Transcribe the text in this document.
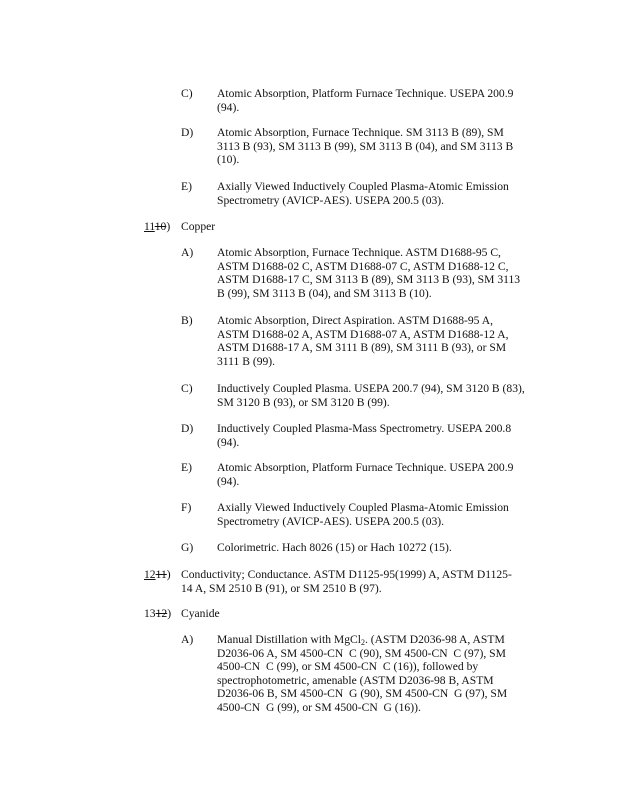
C) Atomic Absorption, Platform Furnace Technique. USEPA 200.9
(94).
D) Atomic Absorption, Furnace Technique. SM 3113 B (89), SM
3113 B (93), SM 3113 B (99), SM 3113 B (04), and SM 3113 B
(10).
E) Axially Viewed Inductively Coupled Plasma-Atomic Emission
Spectrometry (AVICP-AES). USEPA 200.5 (03).
1110) Copper
A) Atomic Absorption, Furnace Technique. ASTM D1688-95 C,
ASTM D1688-02 C, ASTM D1688-07 C, ASTM D1688-12 C,
ASTM D1688-17 C, SM 3113 B (89), SM 3113 B (93), SM 3113
B (99), SM 3113 B (04), and SM 3113 B (10).
B) Atomic Absorption, Direct Aspiration. ASTM D1688-95 A,
ASTM D1688-02 A, ASTM D1688-07 A, ASTM D1688-12 A,
ASTM D1688-17 A, SM 3111 B (89), SM 3111 B (93), or SM
3111 B (99).
C) Inductively Coupled Plasma. USEPA 200.7 (94), SM 3120 B (83),
SM 3120 B (93), or SM 3120 B (99).
D) Inductively Coupled Plasma-Mass Spectrometry. USEPA 200.8
(94).
E) Atomic Absorption, Platform Furnace Technique. USEPA 200.9
(94).
F) Axially Viewed Inductively Coupled Plasma-Atomic Emission
Spectrometry (AVICP-AES). USEPA 200.5 (03).
G) Colorimetric. Hach 8026 (15) or Hach 10272 (15).
1211) Conductivity; Conductance. ASTM D1125-95(1999) A, ASTM D1125-
14 A, SM 2510 B (91), or SM 2510 B (97).
1312) Cyanide
A) Manual Distillation with MgCl$_2$. (ASTM D2036-98 A, ASTM
D2036-06 A, SM 4500-CN  C (90), SM 4500-CN  C (97), SM
4500-CN  C (99), or SM 4500-CN  C (16)), followed by
spectrophotometric, amenable (ASTM D2036-98 B, ASTM
D2036-06 B, SM 4500-CN  G (90), SM 4500-CN  G (97), SM
4500-CN  G (99), or SM 4500-CN  G (16)).
